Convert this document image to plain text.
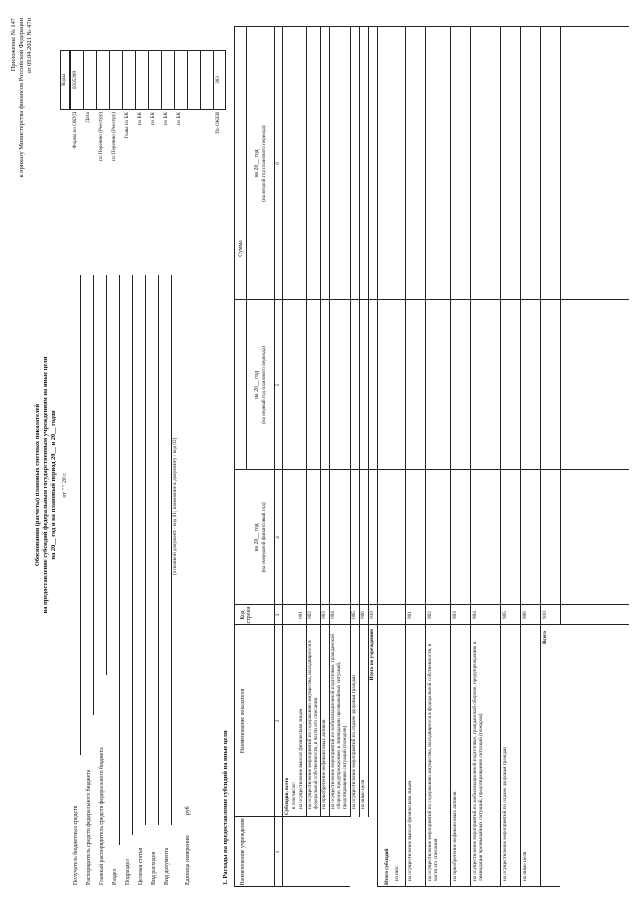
Приложение № 147 к приказу Министерства финансов Российской Федерации от 09.04.2021 № 47н
Обоснования (расчеты) плановых сметных показателей на предоставление субсидий федеральным государственным учреждениям на иные цели на 20__ год и на плановый период 20__ и 20__ годов от " " 20 г.
Коды
Форма по ОКУД
0505399
Дата по Перечню (Реестру) по Перечню (Реестру) Глава по БК по БК по БК по БК по БК	По ОКЕИ
383
Получатель бюджетных средств Распорядитель средств федерального бюджета Главный распорядитель средств федерального бюджета Раздел Подраздел Целевая статья Вид расходов Вид документа
(основной документ - код 01; изменение к документу - код 02)
Единица измерения:
руб	1. Расходы на предоставление субсидий на иные цели
Сумма
Наименование учреждения
Наименование показателя
Код строки
на 20__ год (на очередной финансовый год)
на 20__ год (на первый год планового периода)
на 20__ год (на второй год планового периода)
1
2
3
4
5
6
Субсидия, всего в том числе: на осуществление выплат физическим лицам
001
на осуществление мероприятий по содержанию имущества, находящегося в федеральной собственности, в части его списания
002
на приобретение нефинансовых активов
003
на осуществление мероприятий по мобилизационной подготовке, гражданской обороне, предупреждению и ликвидации чрезвычайных ситуаций, предотвращению ситуаций (пожаров)
004
на осуществление мероприятий по охране здоровья граждан
005
на иные цели
006
Итого по учреждению
010
Итого субсидий из них: на осуществление выплат физическим лицам
901
на осуществление мероприятий по содержанию имущества, находящегося в федеральной собственности, в части его списания
902
на приобретение нефинансовых активов
903
на осуществление мероприятий по мобилизационной подготовке, гражданской обороне, предупреждению и ликвидации чрезвычайных ситуаций, предотвращению ситуаций (пожаров)
904
на осуществление мероприятий по охране здоровья граждан
905
на иные цели
906
Всего
910
